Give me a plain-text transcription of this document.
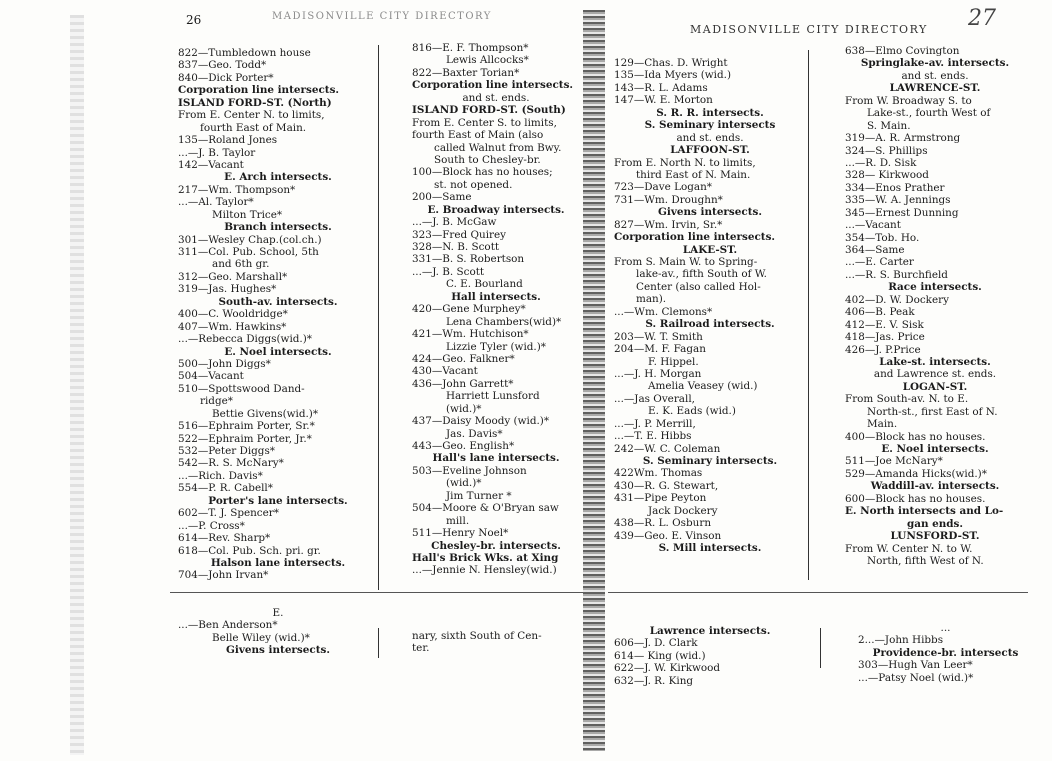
26	MADISONVILLE CITY DIRECTORY
MADISONVILLE CITY DIRECTORY 27
822—Tumbledown house
837—Geo. Todd*
840—Dick Porter*
Corporation line intersects.
ISLAND FORD-ST. (North)
From E. Center N. to limits,
fourth East of Main.
135—Roland Jones
...—J. B. Taylor
142—Vacant
E. Arch intersects.
217—Wm. Thompson*
...—Al. Taylor*
Milton Trice*
Branch intersects.
301—Wesley Chap.(col.ch.)
311—Col. Pub. School, 5th
and 6th gr.
312—Geo. Marshall*
319—Jas. Hughes*
South-av. intersects.
400—C. Wooldridge*
407—Wm. Hawkins*
...—Rebecca Diggs(wid.)*
E. Noel intersects.
500—John Diggs*
504—Vacant
510—Spottswood Dand-
ridge*
Bettie Givens(wid.)*
516—Ephraim Porter, Sr.*
522—Ephraim Porter, Jr.*
532—Peter Diggs*
542—R. S. McNary*
...—Rich. Davis*
554—P. R. Cabell*
Porter's lane intersects.
602—T. J. Spencer*
...—P. Cross*
614—Rev. Sharp*
618—Col. Pub. Sch. pri. gr.
Halson lane intersects.
704—John Irvan*
816—E. F. Thompson*
Lewis Allcocks*
822—Baxter Torian*
Corporation line intersects.
and st. ends.
ISLAND FORD-ST. (South)
From E. Center S. to limits,
fourth East of Main (also
called Walnut from Bwy.
South to Chesley-br.
100—Block has no houses;
st. not opened.
200—Same
E. Broadway intersects.
...—J. B. McGaw
323—Fred Quirey
328—N. B. Scott
331—B. S. Robertson
...—J. B. Scott
C. E. Bourland
Hall intersects.
420—Gene Murphey*
Lena Chambers(wid)*
421—Wm. Hutchison*
Lizzie Tyler (wid.)*
424—Geo. Falkner*
430—Vacant
436—John Garrett*
Harriett Lunsford
(wid.)*
437—Daisy Moody (wid.)*
Jas. Davis*
443—Geo. English*
Hall's lane intersects.
503—Eveline Johnson
(wid.)*
Jim Turner *
504—Moore & O'Bryan saw
mill.
511—Henry Noel*
Chesley-br. intersects.
Hall's Brick Wks. at Xing
...—Jennie N. Hensley(wid.)
129—Chas. D. Wright
135—Ida Myers (wid.)
143—R. L. Adams
147—W. E. Morton
S. R. R. intersects.
S. Seminary intersects
and st. ends.
LAFFOON-ST.
From E. North N. to limits,
third East of N. Main.
723—Dave Logan*
731—Wm. Droughn*
Givens intersects.
827—Wm. Irvin, Sr.*
Corporation line intersects.
LAKE-ST.
From S. Main W. to Spring-
lake-av., fifth South of W.
Center (also called Hol-
man).
...—Wm. Clemons*
S. Railroad intersects.
203—W. T. Smith
204—M. F. Fagan
F. Hippel.
...—J. H. Morgan
Amelia Veasey (wid.)
...—Jas Overall,
E. K. Eads (wid.)
...—J. P. Merrill,
...—T. E. Hibbs
242—W. C. Coleman
S. Seminary intersects.
422Wm. Thomas
430—R. G. Stewart,
431—Pipe Peyton
Jack Dockery
438—R. L. Osburn
439—Geo. E. Vinson
S. Mill intersects.
638—Elmo Covington
Springlake-av. intersects.
and st. ends.
LAWRENCE-ST.
From W. Broadway S. to
Lake-st., fourth West of
S. Main.
319—A. R. Armstrong
324—S. Phillips
...—R. D. Sisk
328— Kirkwood
334—Enos Prather
335—W. A. Jennings
345—Ernest Dunning
...—Vacant
354—Tob. Ho.
364—Same
...—E. Carter
...—R. S. Burchfield
Race intersects.
402—D. W. Dockery
406—B. Peak
412—E. V. Sisk
418—Jas. Price
426—J. P.Price
Lake-st. intersects.
and Lawrence st. ends.
LOGAN-ST.
From South-av. N. to E.
North-st., first East of N.
Main.
400—Block has no houses.
E. Noel intersects.
511—Joe McNary*
529—Amanda Hicks(wid.)*
Waddill-av. intersects.
600—Block has no houses.
E. North intersects and Lo-
gan ends.
LUNSFORD-ST.
From W. Center N. to W.
North, fifth West of N.
E.
...—Ben Anderson*
Belle Wiley (wid.)*
Givens intersects.
nary, sixth South of Cen-
ter.
Lawrence intersects.
606—J. D. Clark
614— King (wid.)
622—J. W. Kirkwood
632—J. R. King
...
2...—John Hibbs
Providence-br. intersects
303—Hugh Van Leer*
...—Patsy Noel (wid.)*
